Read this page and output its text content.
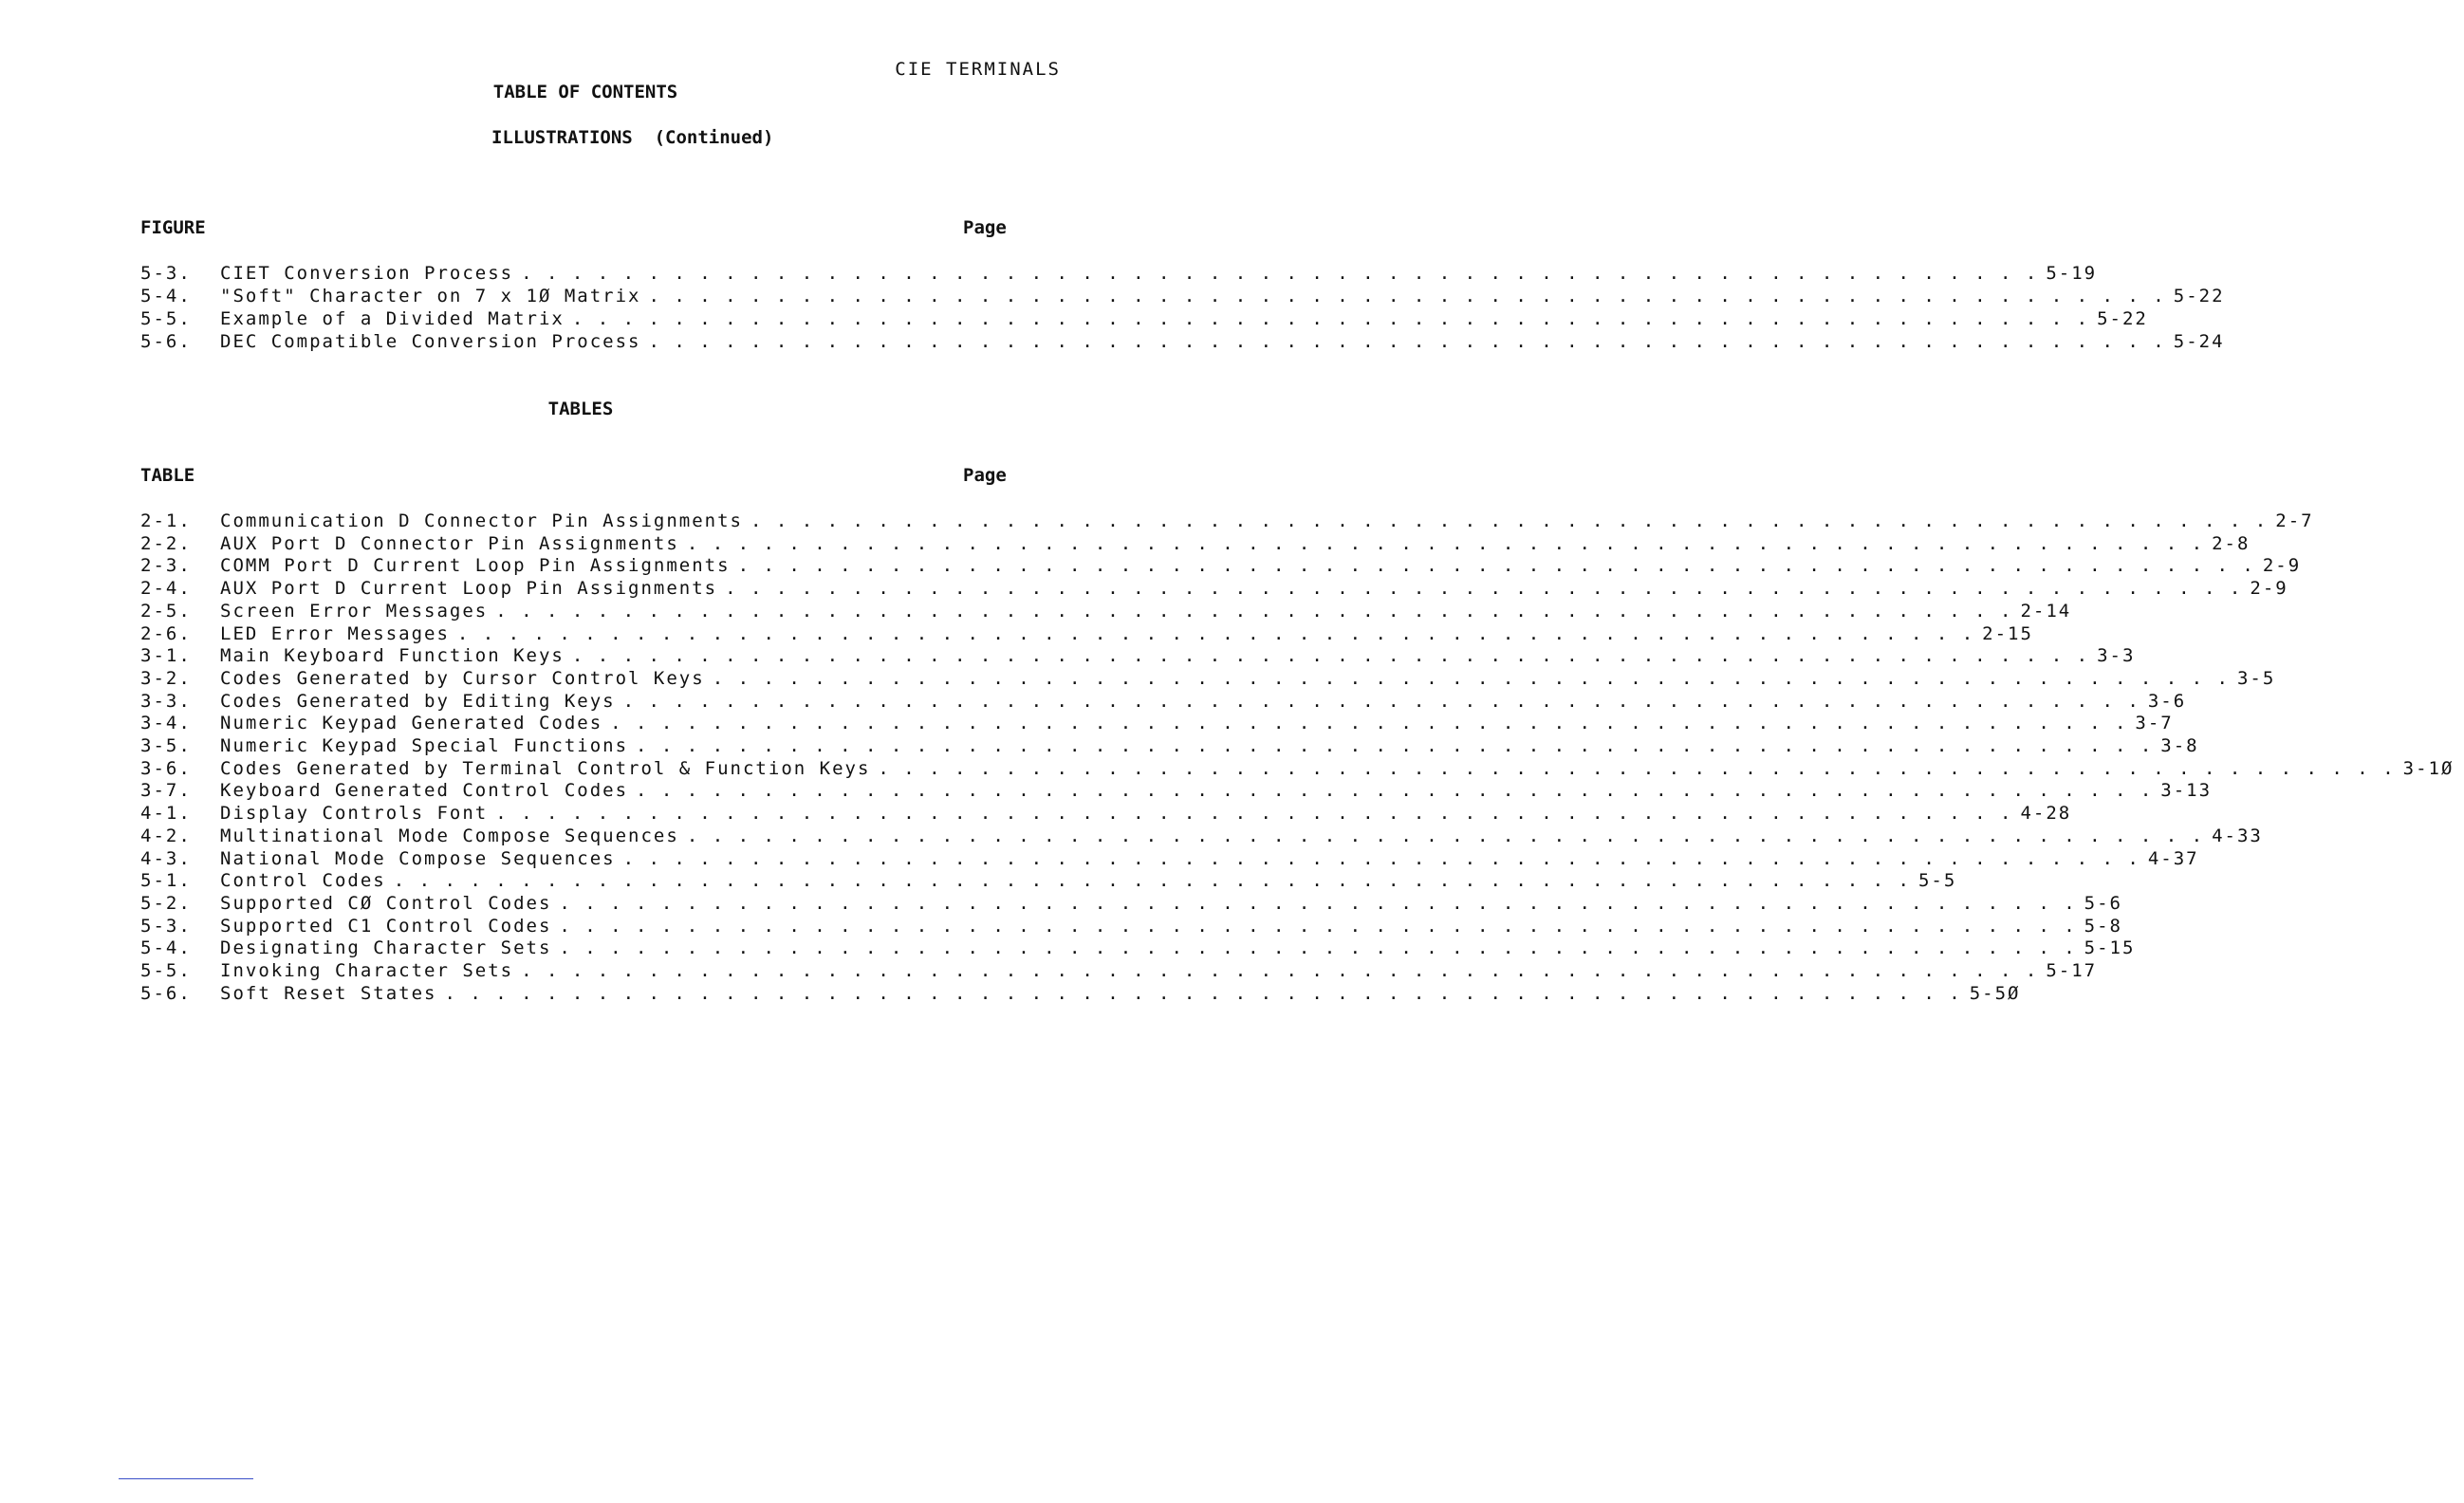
CIE TERMINALS
TABLE OF CONTENTS
ILLUSTRATIONS  (Continued)
FIGURE	Page
5-3.	CIET Conversion Process . . . . . . . . . . . . . . . . . . . . . . . . . . . . . . . . . . . . . . . . . . . . . . . . . . . . . . . . . . . . 5-19
5-4.	"Soft" Character on 7 x 1Ø Matrix . . . . . . . . . . . . . . . . . . . . . . . . . . . . . . . . . . . . . . . . . . . . . . . . . . . . . . . . . . . . 5-22
5-5.	Example of a Divided Matrix . . . . . . . . . . . . . . . . . . . . . . . . . . . . . . . . . . . . . . . . . . . . . . . . . . . . . . . . . . . . 5-22
5-6.	DEC Compatible Conversion Process . . . . . . . . . . . . . . . . . . . . . . . . . . . . . . . . . . . . . . . . . . . . . . . . . . . . . . . . . . . . 5-24
TABLES
TABLE	Page
2-1.	Communication D Connector Pin Assignments . . . . . . . . . . . . . . . . . . . . . . . . . . . . . . . . . . . . . . . . . . . . . . . . . . . . . . . . . . . . 2-7
2-2.	AUX Port D Connector Pin Assignments . . . . . . . . . . . . . . . . . . . . . . . . . . . . . . . . . . . . . . . . . . . . . . . . . . . . . . . . . . . . 2-8
2-3.	COMM Port D Current Loop Pin Assignments . . . . . . . . . . . . . . . . . . . . . . . . . . . . . . . . . . . . . . . . . . . . . . . . . . . . . . . . . . . . 2-9
2-4.	AUX Port D Current Loop Pin Assignments . . . . . . . . . . . . . . . . . . . . . . . . . . . . . . . . . . . . . . . . . . . . . . . . . . . . . . . . . . . . 2-9
2-5.	Screen Error Messages . . . . . . . . . . . . . . . . . . . . . . . . . . . . . . . . . . . . . . . . . . . . . . . . . . . . . . . . . . . . 2-14
2-6.	LED Error Messages . . . . . . . . . . . . . . . . . . . . . . . . . . . . . . . . . . . . . . . . . . . . . . . . . . . . . . . . . . . . 2-15
3-1.	Main Keyboard Function Keys . . . . . . . . . . . . . . . . . . . . . . . . . . . . . . . . . . . . . . . . . . . . . . . . . . . . . . . . . . . . 3-3
3-2.	Codes Generated by Cursor Control Keys . . . . . . . . . . . . . . . . . . . . . . . . . . . . . . . . . . . . . . . . . . . . . . . . . . . . . . . . . . . . 3-5
3-3.	Codes Generated by Editing Keys . . . . . . . . . . . . . . . . . . . . . . . . . . . . . . . . . . . . . . . . . . . . . . . . . . . . . . . . . . . . 3-6
3-4.	Numeric Keypad Generated Codes . . . . . . . . . . . . . . . . . . . . . . . . . . . . . . . . . . . . . . . . . . . . . . . . . . . . . . . . . . . . 3-7
3-5.	Numeric Keypad Special Functions . . . . . . . . . . . . . . . . . . . . . . . . . . . . . . . . . . . . . . . . . . . . . . . . . . . . . . . . . . . . 3-8
3-6.	Codes Generated by Terminal Control & Function Keys . . . . . . . . . . . . . . . . . . . . . . . . . . . . . . . . . . . . . . . . . . . . . . . . . . . . . . . . . . . . 3-1Ø
3-7.	Keyboard Generated Control Codes . . . . . . . . . . . . . . . . . . . . . . . . . . . . . . . . . . . . . . . . . . . . . . . . . . . . . . . . . . . . 3-13
4-1.	Display Controls Font . . . . . . . . . . . . . . . . . . . . . . . . . . . . . . . . . . . . . . . . . . . . . . . . . . . . . . . . . . . . 4-28
4-2.	Multinational Mode Compose Sequences . . . . . . . . . . . . . . . . . . . . . . . . . . . . . . . . . . . . . . . . . . . . . . . . . . . . . . . . . . . . 4-33
4-3.	National Mode Compose Sequences . . . . . . . . . . . . . . . . . . . . . . . . . . . . . . . . . . . . . . . . . . . . . . . . . . . . . . . . . . . . 4-37
5-1.	Control Codes . . . . . . . . . . . . . . . . . . . . . . . . . . . . . . . . . . . . . . . . . . . . . . . . . . . . . . . . . . . . 5-5
5-2.	Supported CØ Control Codes . . . . . . . . . . . . . . . . . . . . . . . . . . . . . . . . . . . . . . . . . . . . . . . . . . . . . . . . . . . . 5-6
5-3.	Supported C1 Control Codes . . . . . . . . . . . . . . . . . . . . . . . . . . . . . . . . . . . . . . . . . . . . . . . . . . . . . . . . . . . . 5-8
5-4.	Designating Character Sets . . . . . . . . . . . . . . . . . . . . . . . . . . . . . . . . . . . . . . . . . . . . . . . . . . . . . . . . . . . . 5-15
5-5.	Invoking Character Sets . . . . . . . . . . . . . . . . . . . . . . . . . . . . . . . . . . . . . . . . . . . . . . . . . . . . . . . . . . . . 5-17
5-6.	Soft Reset States . . . . . . . . . . . . . . . . . . . . . . . . . . . . . . . . . . . . . . . . . . . . . . . . . . . . . . . . . . . . 5-5Ø
